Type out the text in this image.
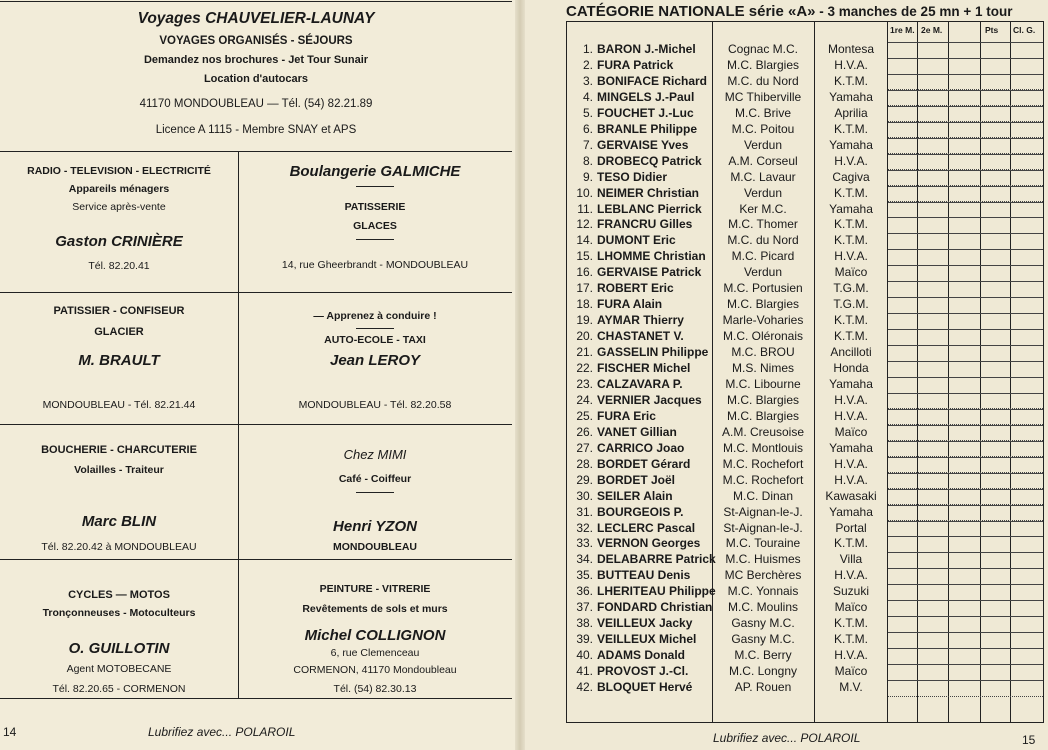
Voyages CHAUVELIER-LAUNAY
VOYAGES ORGANISÉS - SÉJOURS
Demandez nos brochures - Jet Tour Sunair
Location d'autocars
41170 MONDOUBLEAU — Tél. (54) 82.21.89
Licence A 1115 - Membre SNAY et APS
RADIO - TELEVISION - ELECTRICITÉ
Appareils ménagers
Service après-vente
Gaston CRINIÈRE
Tél. 82.20.41
PATISSIER - CONFISEUR
GLACIER
M. BRAULT
MONDOUBLEAU - Tél. 82.21.44
BOUCHERIE - CHARCUTERIE
Volailles - Traiteur
Marc BLIN
Tél. 82.20.42 à MONDOUBLEAU
CYCLES — MOTOS
Tronçonneuses - Motoculteurs
O. GUILLOTIN
Agent MOTOBECANE
Tél. 82.20.65 - CORMENON
Boulangerie GALMICHE
PATISSERIE
GLACES
14, rue Gheerbrandt - MONDOUBLEAU
— Apprenez à conduire !
AUTO-ECOLE - TAXI
Jean LEROY
MONDOUBLEAU - Tél. 82.20.58
Chez MIMI
Café - Coiffeur
Henri YZON
MONDOUBLEAU
PEINTURE - VITRERIE
Revêtements de sols et murs
Michel COLLIGNON
6, rue Clemenceau
CORMENON, 41170 Mondoubleau
Tél. (54) 82.30.13
14	Lubrifiez avec... POLAROIL
CATÉGORIE NATIONALE série «A» - 3 manches de 25 mn + 1 tour
1re M. 2e M.	Pts Cl. G.
1. BARON J.-Michel	Cognac M.C.	Montesa
2. FURA Patrick	M.C. Blargies	H.V.A.
3. BONIFACE Richard	M.C. du Nord	K.T.M.
4. MINGELS J.-Paul	MC Thiberville	Yamaha
5. FOUCHET J.-Luc	M.C. Brive	Aprilia
6. BRANLE Philippe	M.C. Poitou	K.T.M.
7. GERVAISE Yves	Verdun	Yamaha
8. DROBECQ Patrick	A.M. Corseul	H.V.A.
9. TESO Didier	M.C. Lavaur	Cagiva
10. NEIMER Christian	Verdun	K.T.M.
11. LEBLANC Pierrick	Ker M.C.	Yamaha
12. FRANCRU Gilles	M.C. Thomer	K.T.M.
14. DUMONT Eric	M.C. du Nord	K.T.M.
15. LHOMME Christian	M.C. Picard	H.V.A.
16. GERVAISE Patrick	Verdun	Maïco
17. ROBERT Eric	M.C. Portusien	T.G.M.
18. FURA Alain	M.C. Blargies	T.G.M.
19. AYMAR Thierry	Marle-Voharies	K.T.M.
20. CHASTANET V.	M.C. Oléronais	K.T.M.
21. GASSELIN Philippe	M.C. BROU	Ancilloti
22. FISCHER Michel	M.S. Nimes	Honda
23. CALZAVARA P.	M.C. Libourne	Yamaha
24. VERNIER Jacques	M.C. Blargies	H.V.A.
25. FURA Eric	M.C. Blargies	H.V.A.
26. VANET Gillian	A.M. Creusoise	Maïco
27. CARRICO Joao	M.C. Montlouis	Yamaha
28. BORDET Gérard	M.C. Rochefort	H.V.A.
29. BORDET Joël	M.C. Rochefort	H.V.A.
30. SEILER Alain	M.C. Dinan	Kawasaki
31. BOURGEOIS P.	St-Aignan-le-J.	Yamaha
32. LECLERC Pascal	St-Aignan-le-J.	Portal
33. VERNON Georges	M.C. Touraine	K.T.M.
34. DELABARRE Patrick M.C. Huismes	Villa
35. BUTTEAU Denis	MC Berchères	H.V.A.
36. LHERITEAU Philippe M.C. Yonnais	Suzuki
37. FONDARD Christian	M.C. Moulins	Maïco
38. VEILLEUX Jacky	Gasny M.C.	K.T.M.
39. VEILLEUX Michel	Gasny M.C.	K.T.M.
40. ADAMS Donald	M.C. Berry	H.V.A.
41. PROVOST J.-Cl.	M.C. Longny	Maïco
42. BLOQUET Hervé	AP. Rouen	M.V.
Lubrifiez avec... POLAROIL	15
